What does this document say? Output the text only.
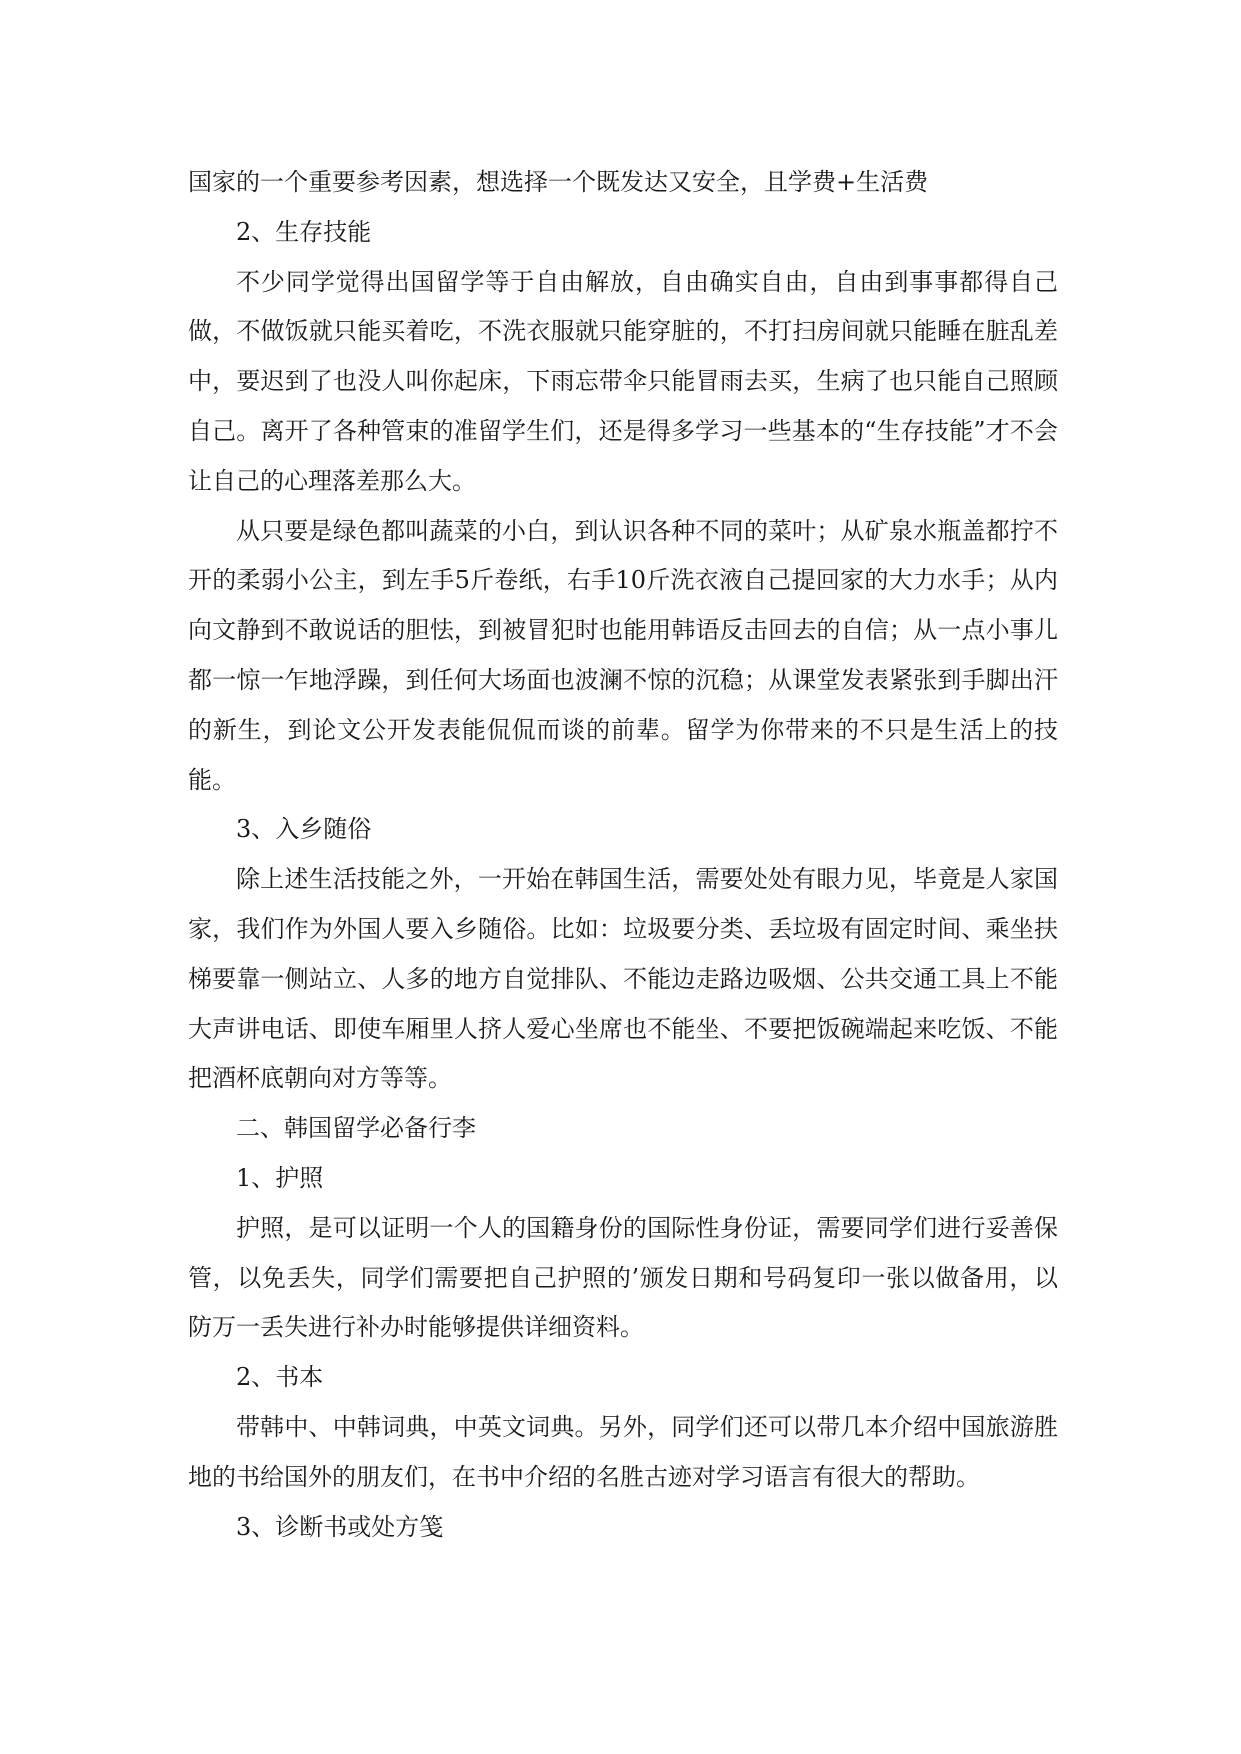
国家的一个重要参考因素，想选择一个既发达又安全，且学费+生活费

2、生存技能

不少同学觉得出国留学等于自由解放，自由确实自由，自由到事事都得自己做，不做饭就只能买着吃，不洗衣服就只能穿脏的，不打扫房间就只能睡在脏乱差中，要迟到了也没人叫你起床，下雨忘带伞只能冒雨去买，生病了也只能自己照顾自己。离开了各种管束的准留学生们，还是得多学习一些基本的“生存技能”才不会让自己的心理落差那么大。

从只要是绿色都叫蔬菜的小白，到认识各种不同的菜叶；从矿泉水瓶盖都拧不开的柔弱小公主，到左手5斤卷纸，右手10斤洗衣液自己提回家的大力水手；从内向文静到不敢说话的胆怯，到被冒犯时也能用韩语反击回去的自信；从一点小事儿都一惊一乍地浮躁，到任何大场面也波澜不惊的沉稳；从课堂发表紧张到手脚出汗的新生，到论文公开发表能侃侃而谈的前辈。留学为你带来的不只是生活上的技能。

3、入乡随俗

除上述生活技能之外，一开始在韩国生活，需要处处有眼力见，毕竟是人家国家，我们作为外国人要入乡随俗。比如：垃圾要分类、丢垃圾有固定时间、乘坐扶梯要靠一侧站立、人多的地方自觉排队、不能边走路边吸烟、公共交通工具上不能大声讲电话、即使车厢里人挤人爱心坐席也不能坐、不要把饭碗端起来吃饭、不能把酒杯底朝向对方等等。

二、韩国留学必备行李

1、护照

护照，是可以证明一个人的国籍身份的国际性身份证，需要同学们进行妥善保管，以免丢失，同学们需要把自己护照的’颁发日期和号码复印一张以做备用，以防万一丢失进行补办时能够提供详细资料。

2、书本

带韩中、中韩词典，中英文词典。另外，同学们还可以带几本介绍中国旅游胜地的书给国外的朋友们，在书中介绍的名胜古迹对学习语言有很大的帮助。

3、诊断书或处方笺
